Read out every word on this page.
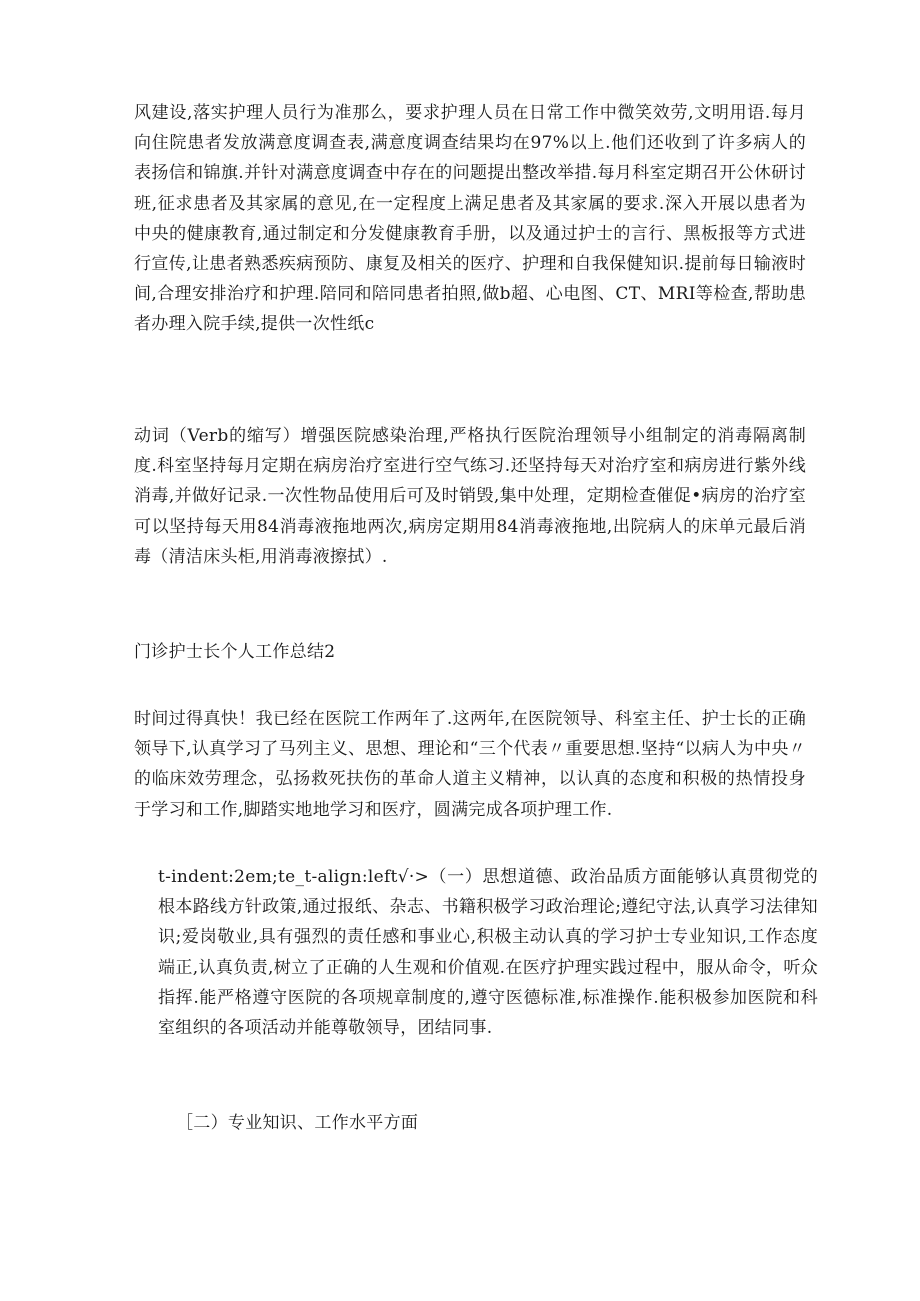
风建设,落实护理人员行为准那么，要求护理人员在日常工作中微笑效劳,文明用语.每月向住院患者发放满意度调查表,满意度调查结果均在97%以上.他们还收到了许多病人的表扬信和锦旗.并针对满意度调查中存在的问题提出整改举措.每月科室定期召开公休研讨班,征求患者及其家属的意见,在一定程度上满足患者及其家属的要求.深入开展以患者为中央的健康教育,通过制定和分发健康教育手册，以及通过护士的言行、黑板报等方式进行宣传,让患者熟悉疾病预防、康复及相关的医疗、护理和自我保健知识.提前每日输液时间,合理安排治疗和护理.陪同和陪同患者拍照,做b超、心电图、CT、MRI等检查,帮助患者办理入院手续,提供一次性纸c

动词（Verb的缩写）增强医院感染治理,严格执行医院治理领导小组制定的消毒隔离制度.科室坚持每月定期在病房治疗室进行空气练习.还坚持每天对治疗室和病房进行紫外线消毒,并做好记录.一次性物品使用后可及时销毁,集中处理，定期检查催促•病房的治疗室可以坚持每天用84消毒液拖地两次,病房定期用84消毒液拖地,出院病人的床单元最后消毒（清洁床头柜,用消毒液擦拭）.

门诊护士长个人工作总结2

时间过得真快！我已经在医院工作两年了.这两年,在医院领导、科室主任、护士长的正确领导下,认真学习了马列主义、思想、理论和“三个代表〃重要思想.坚持“以病人为中央〃的临床效劳理念，弘扬救死扶伤的革命人道主义精神，以认真的态度和积极的热情投身于学习和工作,脚踏实地地学习和医疗，圆满完成各项护理工作.

t-indent:2em;te_t-align:left√·>（一）思想道德、政治品质方面能够认真贯彻党的根本路线方针政策,通过报纸、杂志、书籍积极学习政治理论;遵纪守法,认真学习法律知识;爱岗敬业,具有强烈的责任感和事业心,积极主动认真的学习护士专业知识,工作态度端正,认真负责,树立了正确的人生观和价值观.在医疗护理实践过程中，服从命令，听众指挥.能严格遵守医院的各项规章制度的,遵守医德标准,标准操作.能积极参加医院和科室组织的各项活动并能尊敬领导，团结同事.

［二）专业知识、工作水平方面
